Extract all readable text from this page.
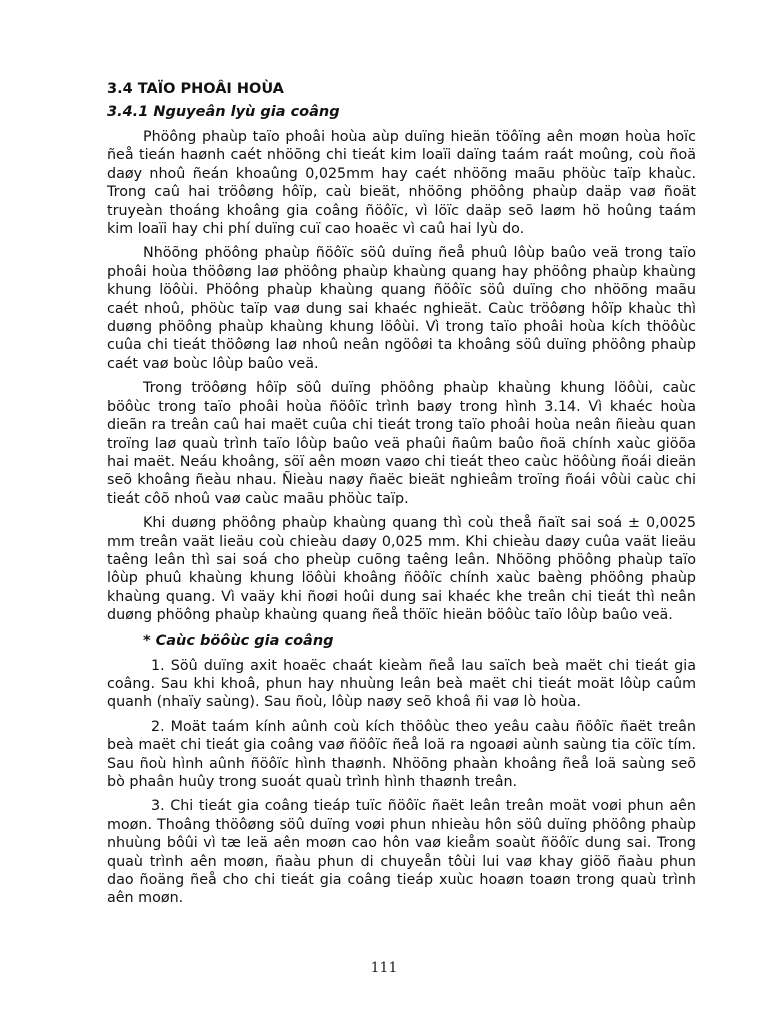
3.4 TAÏO PHOÂI HOÙA
3.4.1 Nguyeân lyù gia coâng

Phöông phaùp taïo phoâi hoùa aùp duïng hieän töôïng aên moøn hoùa hoïc ñeå tieán haønh caét nhöõng chi tieát kim loaïi daïng taám raát moûng, coù ñoä daøy nhoû ñeán khoaûng 0,025mm hay caét nhöõng maãu phöùc taïp khaùc. Trong caû hai tröôøng hôïp, caù bieät, nhöõng phöông phaùp daäp vaø ñoät truyeàn thoáng khoâng gia coâng ñöôïc, vì löïc daäp seõ laøm hö hoûng taám kim loaïi hay chi phí duïng cuï cao hoaëc vì caû hai lyù do.

Nhöõng phöông phaùp ñöôïc söû duïng ñeå phuû lôùp baûo veä trong taïo phoâi hoùa thöôøng laø phöông phaùp khaùng quang hay phöông phaùp khaùng khung löôùi. Phöông phaùp khaùng quang ñöôïc söû duïng cho nhöõng maãu caét nhoû, phöùc taïp vaø dung sai khaéc nghieät. Caùc tröôøng hôïp khaùc thì duøng phöông phaùp khaùng khung löôùi. Vì trong taïo phoâi hoùa kích thöôùc cuûa chi tieát thöôøng laø nhoû neân ngöôøi ta khoâng söû duïng phöông phaùp caét vaø boùc lôùp baûo veä.

Trong tröôøng hôïp söû duïng phöông phaùp khaùng khung löôùi, caùc böôùc trong taïo phoâi hoùa ñöôïc trình baøy trong hình 3.14. Vì khaéc hoùa dieãn ra treân caû hai maët cuûa chi tieát trong taïo phoâi hoùa neân ñieàu quan troïng laø quaù trình taïo lôùp baûo veä phaûi ñaûm baûo ñoä chính xaùc giöõa hai maët. Neáu khoâng, söï aên moøn vaøo chi tieát theo caùc höôùng ñoái dieän seõ khoâng ñeàu nhau. Ñieàu naøy ñaëc bieät nghieâm troïng ñoái vôùi caùc chi tieát côõ nhoû vaø caùc maãu phöùc taïp.

Khi duøng phöông phaùp khaùng quang thì coù theå ñaït sai soá ± 0,0025 mm treân vaät lieäu coù chieàu daøy 0,025 mm. Khi chieàu daøy cuûa vaät lieäu taêng leân thì sai soá cho pheùp cuõng taêng leân. Nhöõng phöông phaùp taïo lôùp phuû khaùng khung löôùi khoâng ñöôïc chính xaùc baèng phöông phaùp khaùng quang. Vì vaäy khi ñoøi hoûi dung sai khaéc khe treân chi tieát thì neân duøng phöông phaùp khaùng quang ñeå thöïc hieän böôùc taïo lôùp baûo veä.

* Caùc böôùc gia coâng

1. Söû duïng axit hoaëc chaát kieàm ñeå lau saïch beà maët chi tieát gia coâng. Sau khi khoâ, phun hay nhuùng leân beà maët chi tieát moät lôùp caûm quanh (nhaïy saùng). Sau ñoù, lôùp naøy seõ khoâ ñi vaø lò hoùa.

2. Moät taám kính aûnh coù kích thöôùc theo yeâu caàu ñöôïc ñaët treân beà maët chi tieát gia coâng vaø ñöôïc ñeå loä ra ngoaøi aùnh saùng tia cöïc tím. Sau ñoù hình aûnh ñöôïc hình thaønh. Nhöõng phaàn khoâng ñeå loä saùng seõ bò phaân huûy trong suoát quaù trình hình thaønh treân.

3. Chi tieát gia coâng tieáp tuïc ñöôïc ñaët leân treân moät voøi phun aên moøn. Thoâng thöôøng söû duïng voøi phun nhieàu hôn söû duïng phöông phaùp nhuùng bôûi vì tæ leä aên moøn cao hôn vaø kieåm soaùt ñöôïc dung sai. Trong quaù trình aên moøn, ñaàu phun di chuyeån tôùi lui vaø khay giöõ ñaàu phun dao ñoäng ñeå cho chi tieát gia coâng tieáp xuùc hoaøn toaøn trong quaù trình aên moøn.

111
